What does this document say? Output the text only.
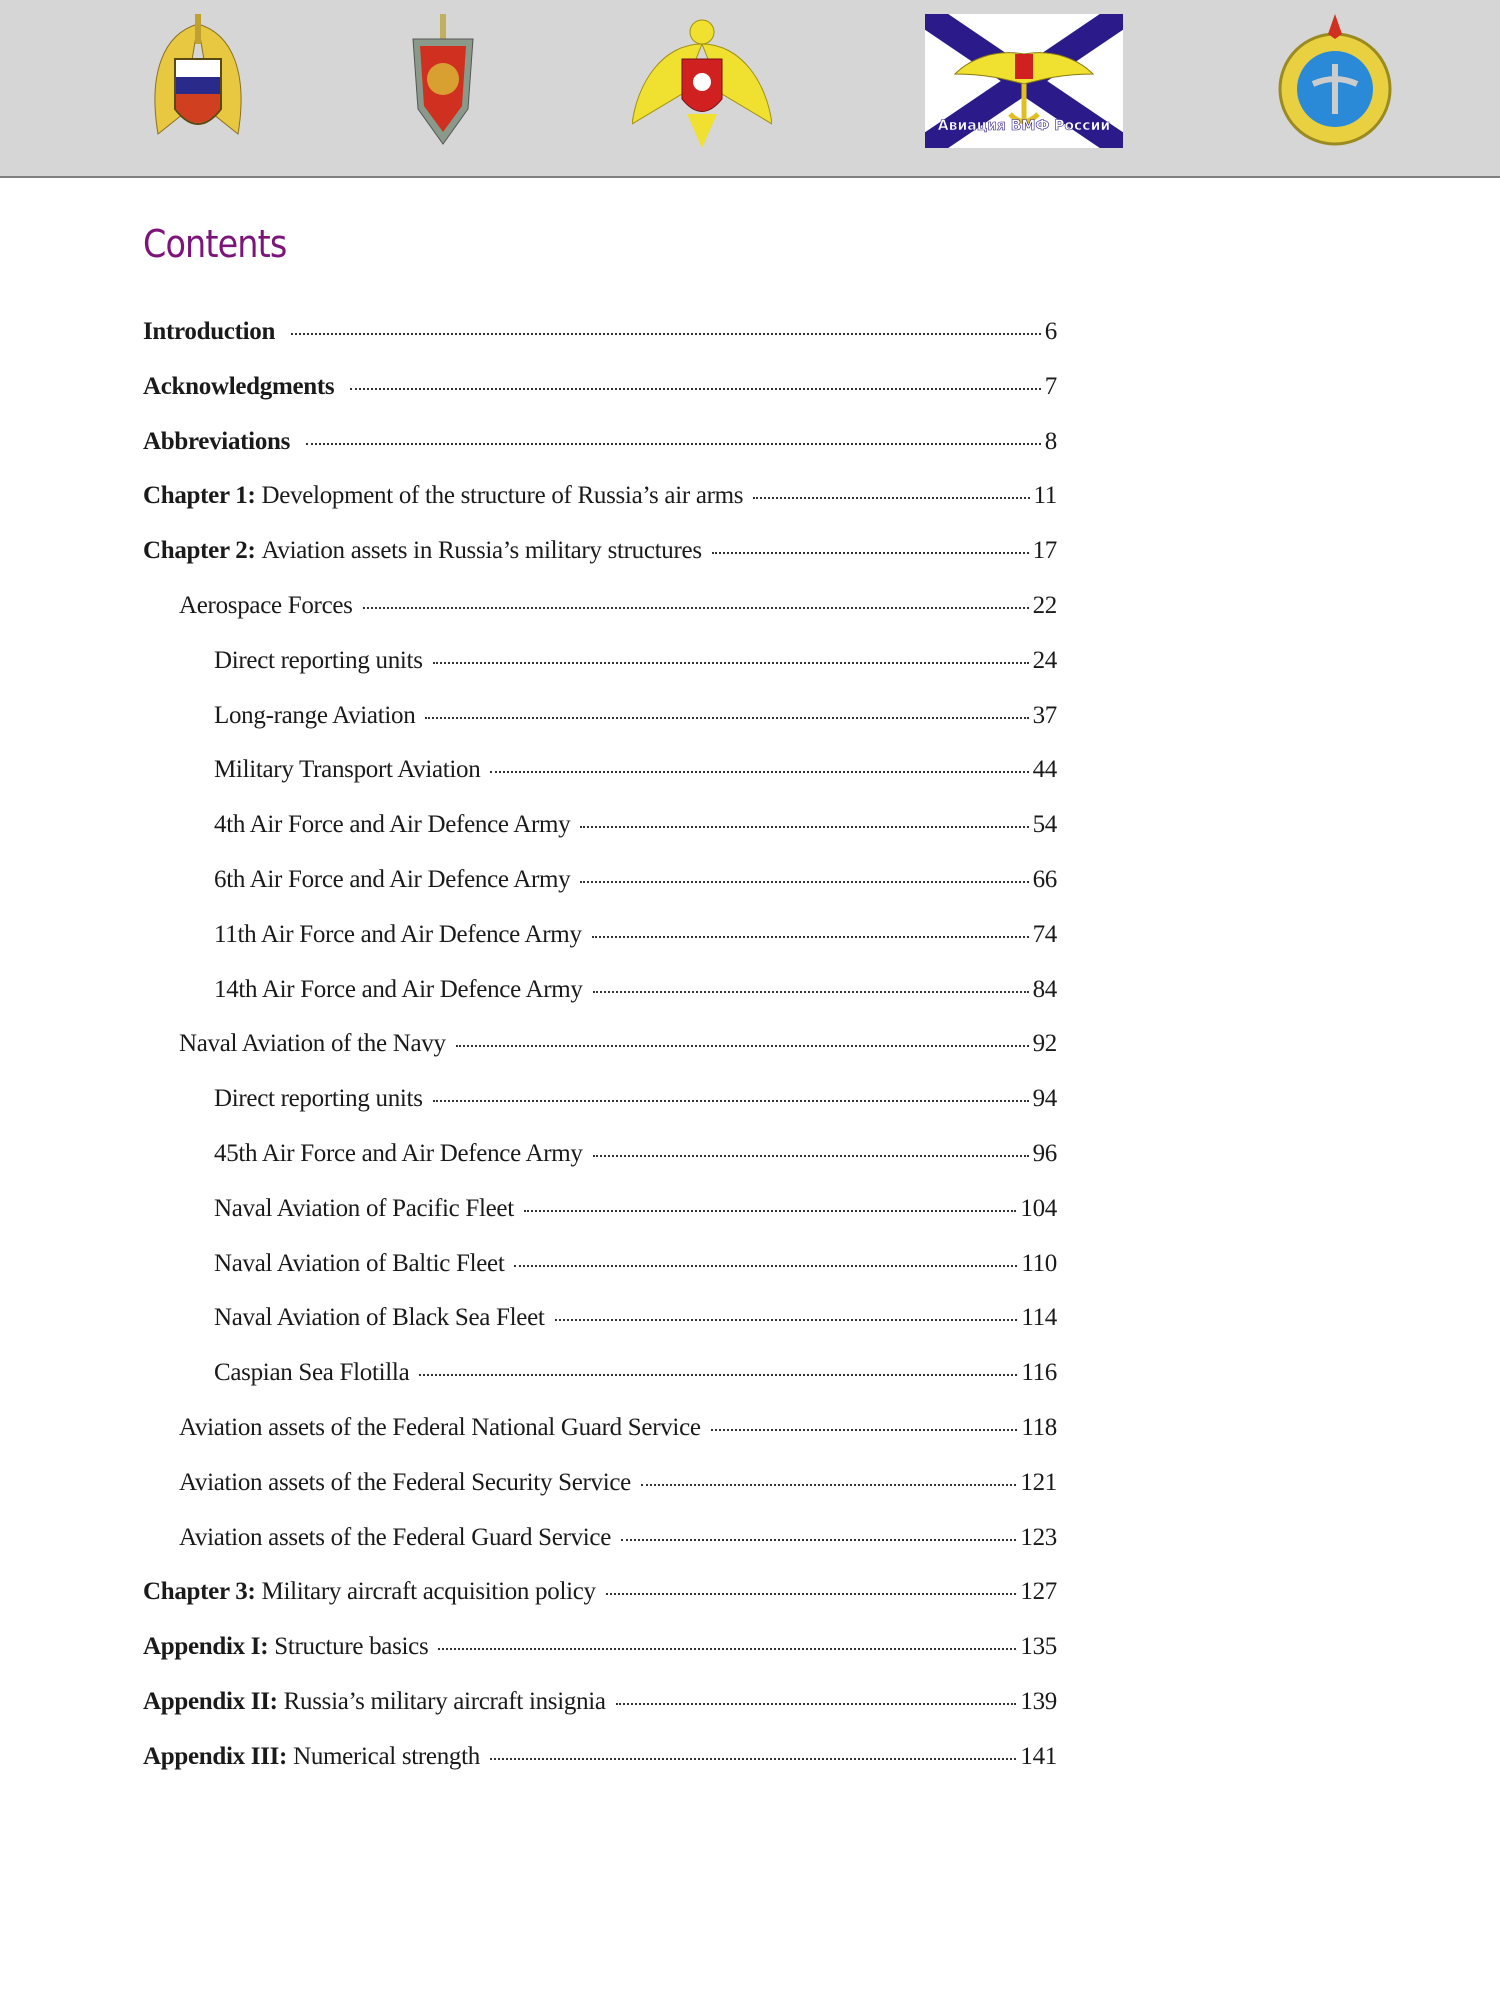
Авиация ВМФ России
Contents
Introduction	6
Acknowledgments	7
Abbreviations	8
Chapter 1: Development of the structure of Russia’s air arms	11
Chapter 2: Aviation assets in Russia’s military structures	17
Aerospace Forces	22
Direct reporting units	24
Long-range Aviation	37
Military Transport Aviation	44
4th Air Force and Air Defence Army	54
6th Air Force and Air Defence Army	66
11th Air Force and Air Defence Army	74
14th Air Force and Air Defence Army	84
Naval Aviation of the Navy	92
Direct reporting units	94
45th Air Force and Air Defence Army	96
Naval Aviation of Pacific Fleet	104
Naval Aviation of Baltic Fleet	110
Naval Aviation of Black Sea Fleet	114
Caspian Sea Flotilla	116
Aviation assets of the Federal National Guard Service	118
Aviation assets of the Federal Security Service	121
Aviation assets of the Federal Guard Service	123
Chapter 3: Military aircraft acquisition policy	127
Appendix I: Structure basics	135
Appendix II: Russia’s military aircraft insignia	139
Appendix III: Numerical strength	141
